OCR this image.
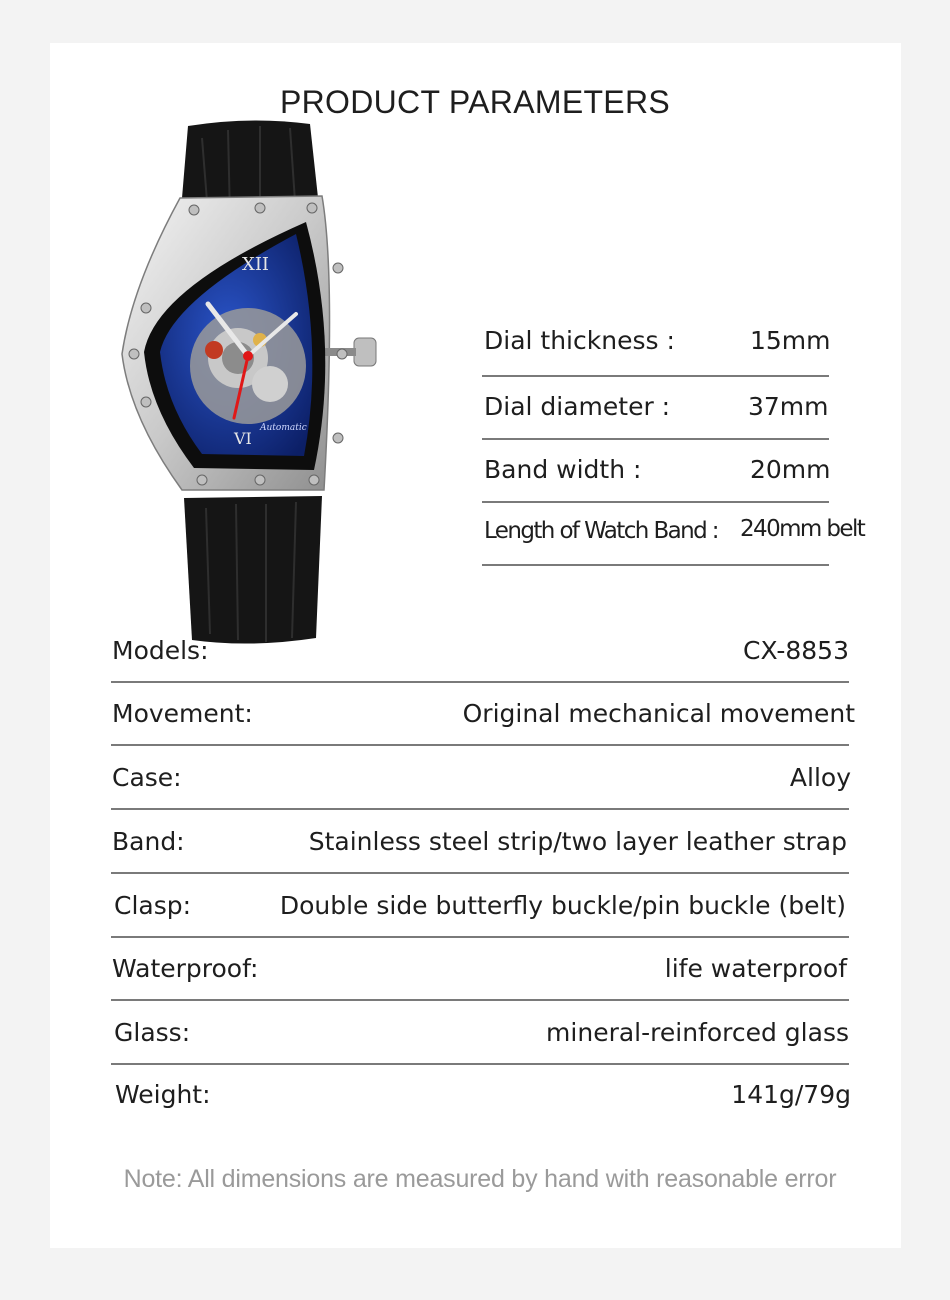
PRODUCT PARAMETERS
XII
VI
Automatic
Dial thickness :	15mm
Dial diameter :	37mm
Band width :	20mm
Length of Watch Band : 240mm belt
Models:	CX-8853
Movement:	Original mechanical movement
Case:	Alloy
Band:	Stainless steel strip/two layer leather strap
Clasp:	Double side butterfly buckle/pin buckle (belt)
Waterproof:	life waterproof
Glass:	mineral-reinforced glass
Weight:	141g/79g
Note: All dimensions are measured by hand with reasonable error
